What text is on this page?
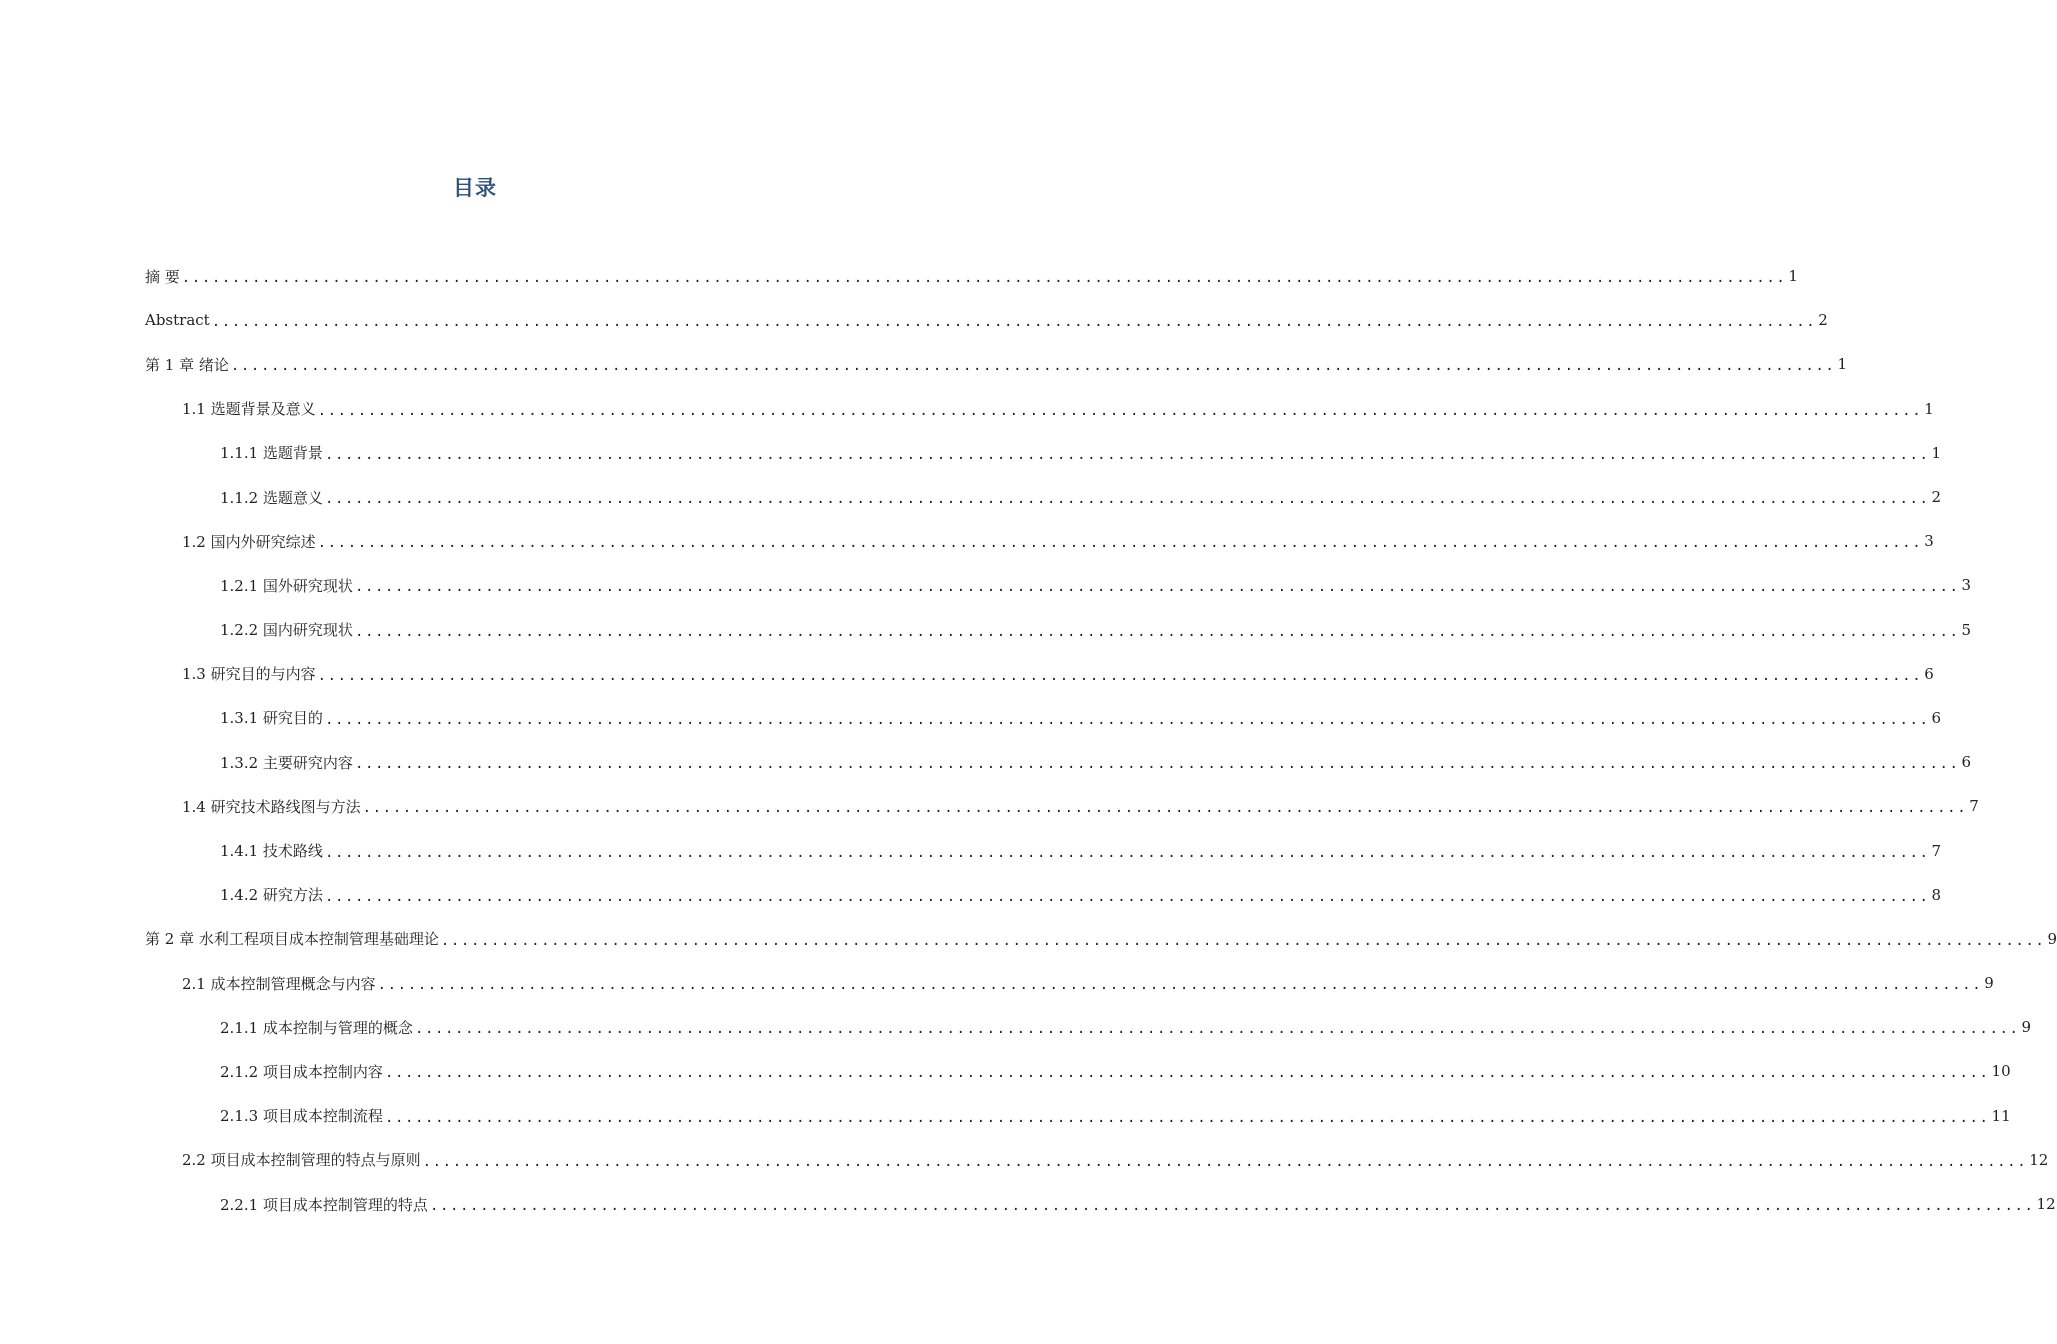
目录
摘 要 ................................................................................................................................................................ 1
Abstract ................................................................................................................................................................ 2
第 1 章 绪论 ................................................................................................................................................................ 1
1.1 选题背景及意义 ................................................................................................................................................................ 1
1.1.1 选题背景 ................................................................................................................................................................ 1
1.1.2 选题意义 ................................................................................................................................................................ 2
1.2 国内外研究综述 ................................................................................................................................................................ 3
1.2.1 国外研究现状 ................................................................................................................................................................ 3
1.2.2 国内研究现状 ................................................................................................................................................................ 5
1.3 研究目的与内容 ................................................................................................................................................................ 6
1.3.1 研究目的 ................................................................................................................................................................ 6
1.3.2 主要研究内容 ................................................................................................................................................................ 6
1.4 研究技术路线图与方法 ................................................................................................................................................................ 7
1.4.1 技术路线 ................................................................................................................................................................ 7
1.4.2 研究方法 ................................................................................................................................................................ 8
第 2 章 水利工程项目成本控制管理基础理论 ................................................................................................................................................................ 9
2.1 成本控制管理概念与内容 ................................................................................................................................................................ 9
2.1.1 成本控制与管理的概念 ................................................................................................................................................................ 9
2.1.2 项目成本控制内容 ................................................................................................................................................................ 10
2.1.3 项目成本控制流程 ................................................................................................................................................................ 11
2.2 项目成本控制管理的特点与原则 ................................................................................................................................................................ 12
2.2.1 项目成本控制管理的特点 ................................................................................................................................................................ 12
